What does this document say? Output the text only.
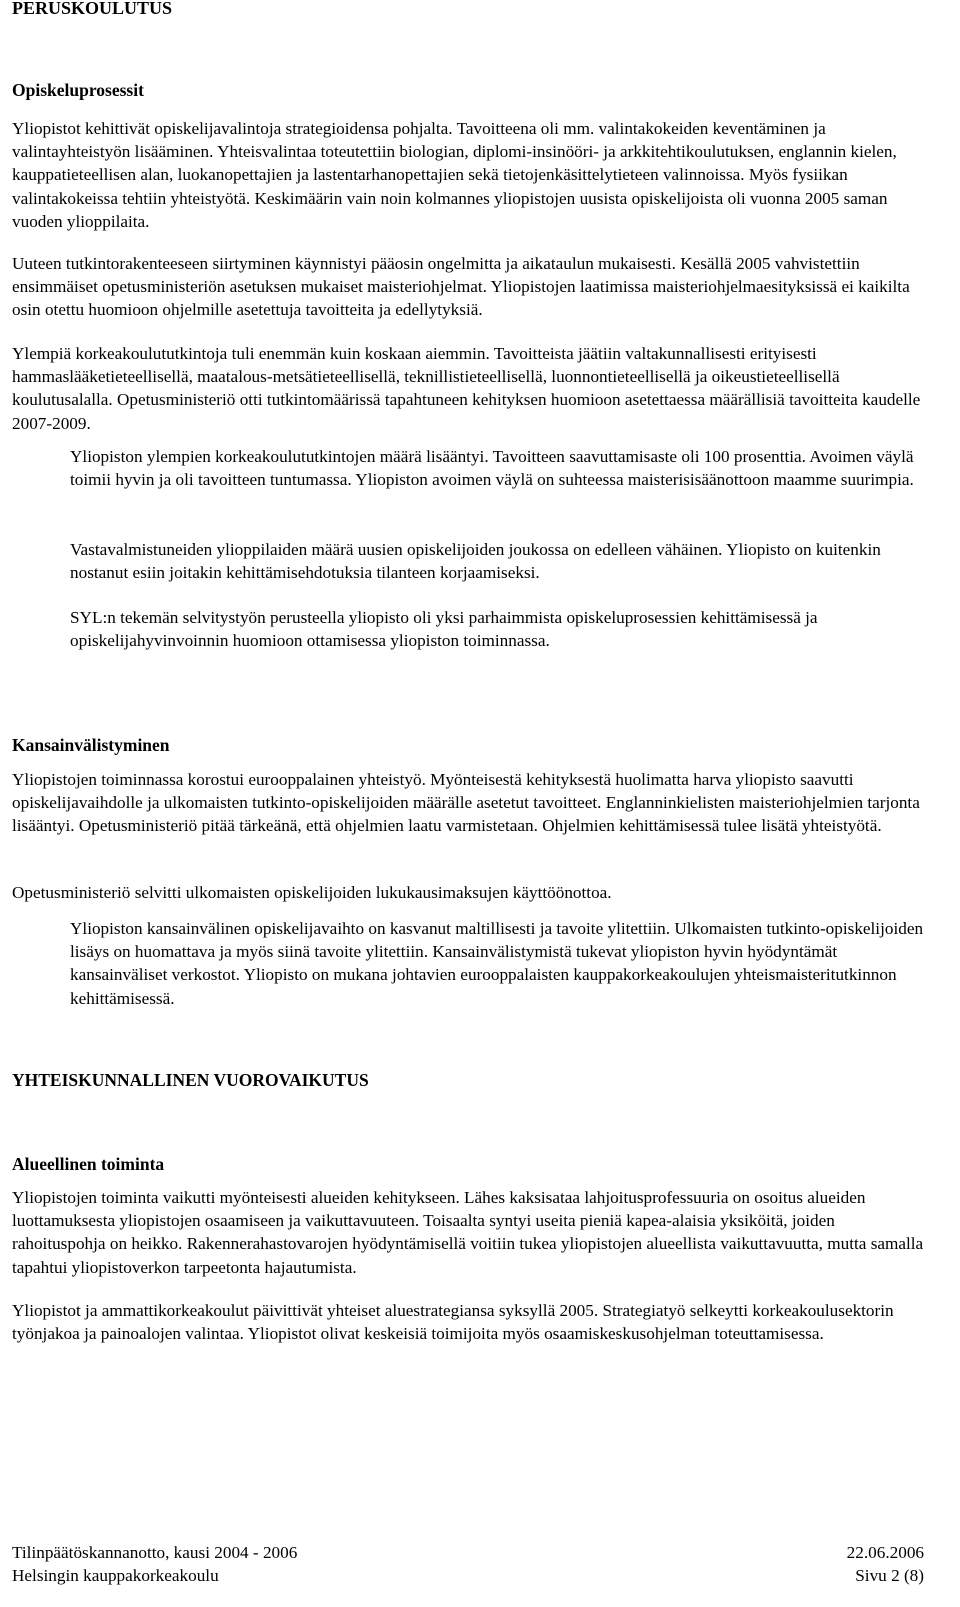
PERUSKOULUTUS
Opiskeluprosessit

Yliopistot kehittivät opiskelijavalintoja strategioidensa pohjalta. Tavoitteena oli mm. valintakokeiden keventäminen ja valintayhteistyön lisääminen. Yhteisvalintaa toteutettiin biologian, diplomi-insinööri- ja arkkitehtikoulutuksen, englannin kielen, kauppatieteellisen alan, luokanopettajien ja lastentarhanopettajien sekä tietojenkäsittelytieteen valinnoissa. Myös fysiikan valintakokeissa tehtiin yhteistyötä. Keskimäärin vain noin kolmannes yliopistojen uusista opiskelijoista oli vuonna 2005 saman vuoden ylioppilaita.

Uuteen tutkintorakenteeseen siirtyminen käynnistyi pääosin ongelmitta ja aikataulun mukaisesti. Kesällä 2005 vahvistettiin ensimmäiset opetusministeriön asetuksen mukaiset maisteriohjelmat. Yliopistojen laatimissa maisteriohjelmaesityksissä ei kaikilta osin otettu huomioon ohjelmille asetettuja tavoitteita ja edellytyksiä.

Ylempiä korkeakoulututkintoja tuli enemmän kuin koskaan aiemmin. Tavoitteista jäätiin valtakunnallisesti erityisesti hammaslääketieteellisellä, maatalous-metsätieteellisellä, teknillistieteellisellä, luonnontieteellisellä ja oikeustieteellisellä koulutusalalla. Opetusministeriö otti tutkintomäärissä tapahtuneen kehityksen huomioon asetettaessa määrällisiä tavoitteita kaudelle 2007-2009.

Yliopiston ylempien korkeakoulututkintojen määrä lisääntyi. Tavoitteen saavuttamisaste oli 100 prosenttia. Avoimen väylä toimii hyvin ja oli tavoitteen tuntumassa. Yliopiston avoimen väylä on suhteessa maisterisisäänottoon maamme suurimpia.

Vastavalmistuneiden ylioppilaiden määrä uusien opiskelijoiden joukossa on edelleen vähäinen. Yliopisto on kuitenkin nostanut esiin joitakin kehittämisehdotuksia tilanteen korjaamiseksi.

SYL:n tekemän selvitystyön perusteella yliopisto oli yksi parhaimmista opiskeluprosessien kehittämisessä ja opiskelijahyvinvoinnin huomioon ottamisessa yliopiston toiminnassa.

Kansainvälistyminen

Yliopistojen toiminnassa korostui eurooppalainen yhteistyö. Myönteisestä kehityksestä huolimatta harva yliopisto saavutti opiskelijavaihdolle ja ulkomaisten tutkinto-opiskelijoiden määrälle asetetut tavoitteet. Englanninkielisten maisteriohjelmien tarjonta lisääntyi. Opetusministeriö pitää tärkeänä, että ohjelmien laatu varmistetaan. Ohjelmien kehittämisessä tulee lisätä yhteistyötä.

Opetusministeriö selvitti ulkomaisten opiskelijoiden lukukausimaksujen käyttöönottoa.

Yliopiston kansainvälinen opiskelijavaihto on kasvanut maltillisesti ja tavoite ylitettiin. Ulkomaisten tutkinto-opiskelijoiden lisäys on huomattava ja myös siinä tavoite ylitettiin. Kansainvälistymistä tukevat yliopiston hyvin hyödyntämät kansainväliset verkostot. Yliopisto on mukana johtavien eurooppalaisten kauppakorkeakoulujen yhteismaisteritutkinnon kehittämisessä.

YHTEISKUNNALLINEN VUOROVAIKUTUS
Alueellinen toiminta

Yliopistojen toiminta vaikutti myönteisesti alueiden kehitykseen. Lähes kaksisataa lahjoitusprofessuuria on osoitus alueiden luottamuksesta yliopistojen osaamiseen ja vaikuttavuuteen. Toisaalta syntyi useita pieniä kapea-alaisia yksiköitä, joiden rahoituspohja on heikko. Rakennerahastovarojen hyödyntämisellä voitiin tukea yliopistojen alueellista vaikuttavuutta, mutta samalla tapahtui yliopistoverkon tarpeetonta hajautumista.

Yliopistot ja ammattikorkeakoulut päivittivät yhteiset aluestrategiansa syksyllä 2005. Strategiatyö selkeytti korkeakoulusektorin työnjakoa ja painoalojen valintaa. Yliopistot olivat keskeisiä toimijoita myös osaamiskeskusohjelman toteuttamisessa.

Tilinpäätöskannanotto, kausi 2004 - 2006	22.06.2006
Helsingin kauppakorkeakoulu	Sivu 2 (8)
